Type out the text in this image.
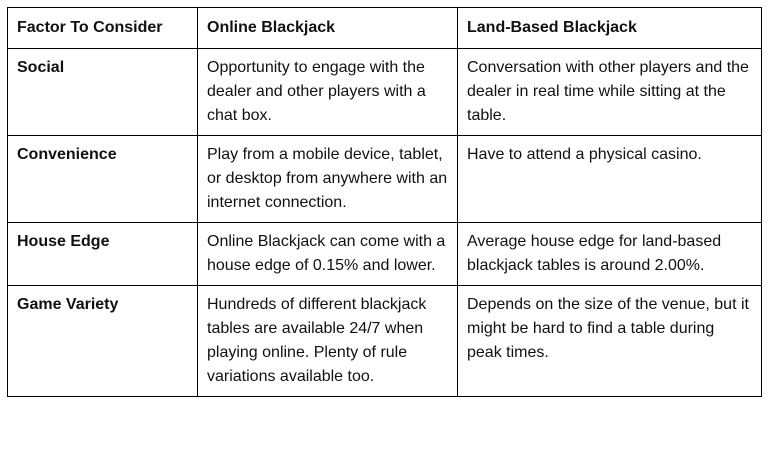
Factor To Consider	Online Blackjack	Land-Based Blackjack
Social	Opportunity to engage with the dealer and other players with a chat box.	Conversation with other players and the dealer in real time while sitting at the table.
Convenience	Play from a mobile device, tablet, or desktop from anywhere with an internet connection.	Have to attend a physical casino.
House Edge	Online Blackjack can come with a house edge of 0.15% and lower.	Average house edge for land-based blackjack tables is around 2.00%.
Game Variety	Hundreds of different blackjack tables are available 24/7 when playing online. Plenty of rule variations available too.	Depends on the size of the venue, but it might be hard to find a table during peak times.
